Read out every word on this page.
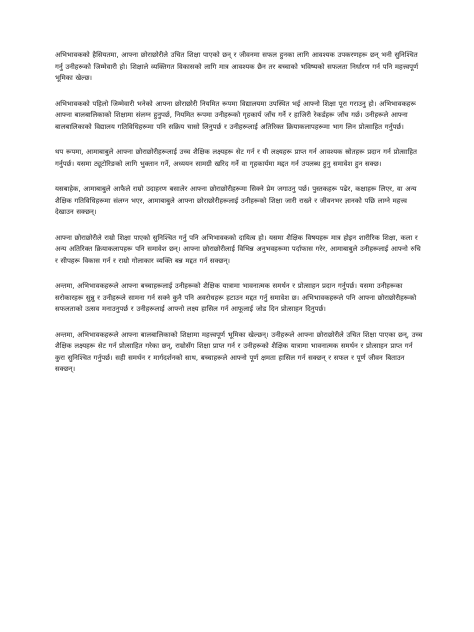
अभिभावकको हैसियतमा, आफ्ना छोराछोरीले उचित शिक्षा पाएको छन् र जीवनमा सफल हुनका लागि आवश्यक उपकरणहरू छन् भनी सुनिश्चित गर्नु उनीहरूको जिम्मेवारी हो। शिक्षाले व्यक्तिगत विकासको लागि मात्र आवश्यक छैन तर बच्चाको भविष्यको सफलता निर्धारण गर्न पनि महत्त्वपूर्ण भूमिका खेल्छ।

अभिभावकको पहिलो जिम्मेवारी भनेको आफ्ना छोराछोरी नियमित रूपमा विद्यालयमा उपस्थित भई आफ्नो शिक्षा पूरा गराउनु हो। अभिभावकहरू आफ्ना बालबालिकाको शिक्षामा संलग्न हुनुपर्छ, नियमित रूपमा उनीहरूको गृहकार्य जाँच गर्ने र हाजिरी रेकर्डहरू जाँच गर्छ। उनीहरूले आफ्ना बालबालिकाको विद्यालय गतिविधिहरूमा पनि सक्रिय चासो लिनुपर्छ र उनीहरूलाई अतिरिक्त क्रियाकलापहरूमा भाग लिन प्रोत्साहित गर्नुपर्छ।

थप रूपमा, आमाबाबुले आफ्ना छोराछोरीहरूलाई उच्च शैक्षिक लक्ष्यहरू सेट गर्न र यी लक्ष्यहरू प्राप्त गर्न आवश्यक स्रोतहरू प्रदान गर्न प्रोत्साहित गर्नुपर्छ। यसमा ट्यूटोरिङको लागि भुक्तान गर्ने, अध्ययन सामग्री खरिद गर्ने वा गृहकार्यमा मद्दत गर्न उपलब्ध हुनु समावेश हुन सक्छ।

यसबाहेक, आमाबाबुले आफैले राम्रो उदाहरण बसालेर आफ्ना छोराछोरीहरूमा सिक्ने प्रेम जगाउनु पर्छ। पुस्तकहरू पढेर, कक्षाहरू लिएर, वा अन्य शैक्षिक गतिविधिहरूमा संलग्न भएर, आमाबाबुले आफ्ना छोराछोरीहरूलाई उनीहरूको शिक्षा जारी राख्ने र जीवनभर ज्ञानको पछि लाग्ने महत्त्व देखाउन सक्छन्।

आफ्ना छोराछोरीले राम्रो शिक्षा पाएको सुनिश्चित गर्नु पनि अभिभावकको दायित्व हो। यसमा शैक्षिक विषयहरू मात्र होइन शारीरिक शिक्षा, कला र अन्य अतिरिक्त क्रियाकलापहरू पनि समावेश छन्। आफ्ना छोराछोरीलाई विभिन्न अनुभवहरूमा पर्दाफास गरेर, आमाबाबुले उनीहरूलाई आफ्नो रुचि र सीपहरू विकास गर्न र राम्रो गोलाकार व्यक्ति बन्न मद्दत गर्न सक्छन्।

अन्तमा, अभिभावकहरूले आफ्ना बच्चाहरूलाई उनीहरूको शैक्षिक यात्रामा भावनात्मक समर्थन र प्रोत्साहन प्रदान गर्नुपर्छ। यसमा उनीहरूका सरोकारहरू सुन्नु र उनीहरूले सामना गर्न सक्ने कुनै पनि अवरोधहरू हटाउन मद्दत गर्नु समावेश छ। अभिभावकहरूले पनि आफ्ना छोराछोरीहरूको सफलताको उत्सव मनाउनुपर्छ र उनीहरूलाई आफ्नो लक्ष्य हासिल गर्न आफूलाई जोड दिन प्रोत्साहन दिनुपर्छ।

अन्तमा, अभिभावकहरूले आफ्ना बालबालिकाको शिक्षामा महत्त्वपूर्ण भूमिका खेल्छन्। उनीहरूले आफ्ना छोराछोरीले उचित शिक्षा पाएका छन्, उच्च शैक्षिक लक्ष्यहरू सेट गर्न प्रोत्साहित गरेका छन्, राम्रोसँग शिक्षा प्राप्त गर्न र उनीहरूको शैक्षिक यात्रामा भावनात्मक समर्थन र प्रोत्साहन प्राप्त गर्न कुरा सुनिश्चित गर्नुपर्छ। सही समर्थन र मार्गदर्शनको साथ, बच्चाहरूले आफ्नो पूर्ण क्षमता हासिल गर्न सक्छन् र सफल र पूर्ण जीवन बिताउन सक्छन्।
